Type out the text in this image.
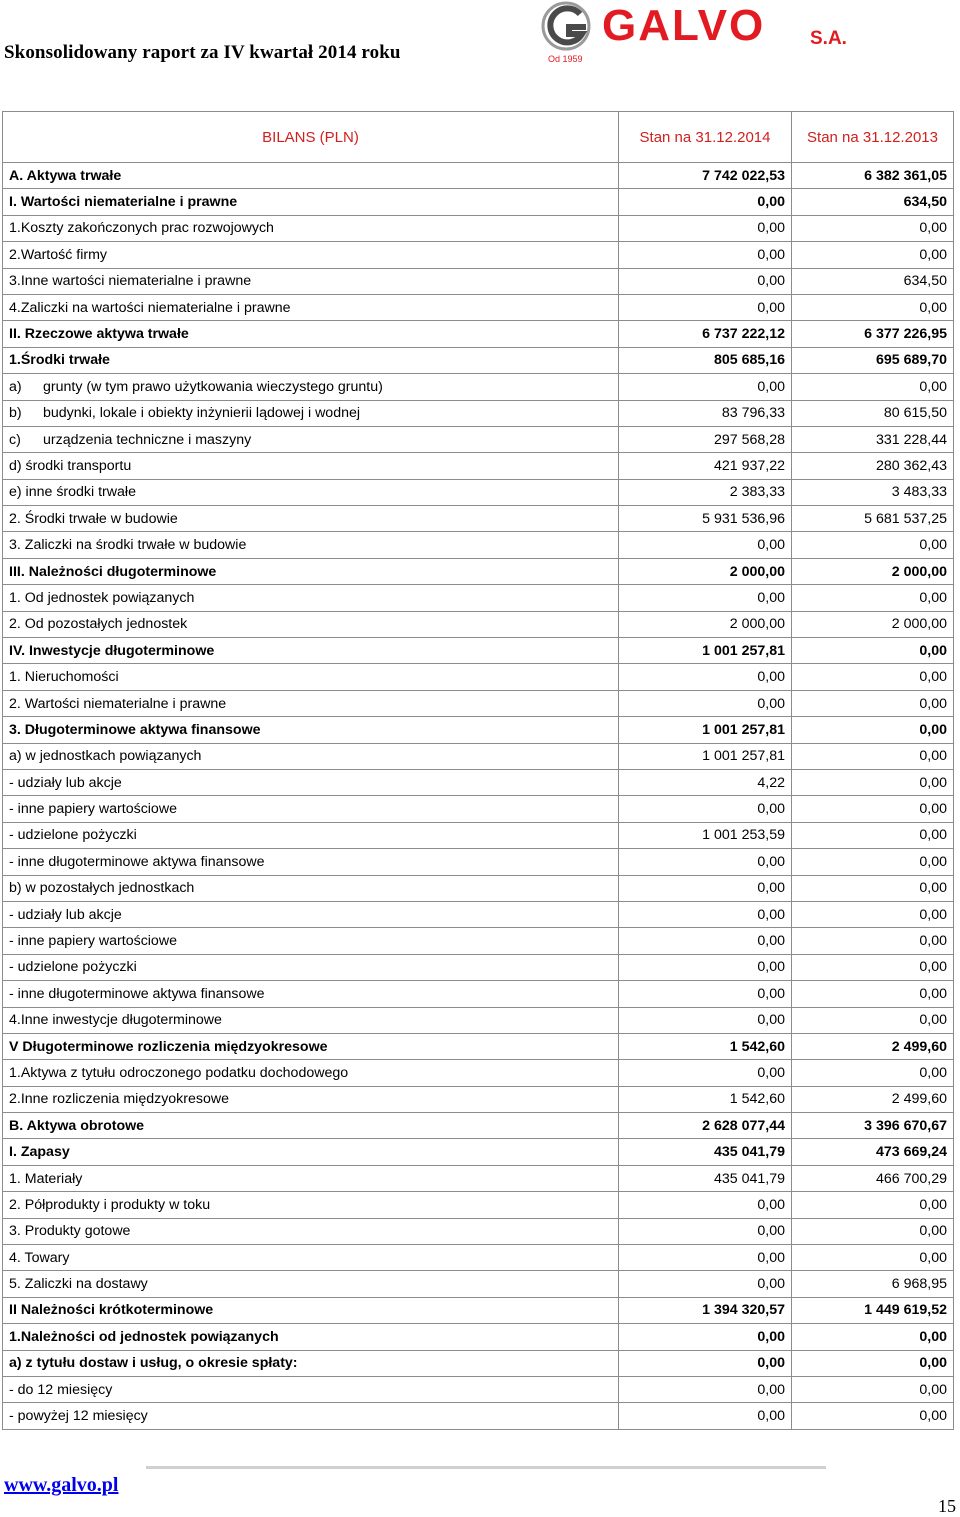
Skonsolidowany raport za IV kwartał 2014 roku
GALVO S.A.
Od 1959
BILANS (PLN)	Stan na 31.12.2014	Stan na 31.12.2013
A. Aktywa trwałe	7 742 022,53	6 382 361,05
I. Wartości niematerialne i prawne	0,00	634,50
1.Koszty zakończonych prac rozwojowych	0,00	0,00
2.Wartość firmy	0,00	0,00
3.Inne wartości niematerialne i prawne	0,00	634,50
4.Zaliczki na wartości niematerialne i prawne	0,00	0,00
II. Rzeczowe aktywa trwałe	6 737 222,12	6 377 226,95
1.Środki trwałe	805 685,16	695 689,70
a) grunty (w tym prawo użytkowania wieczystego gruntu)	0,00	0,00
b) budynki, lokale i obiekty inżynierii lądowej i wodnej	83 796,33	80 615,50
c) urządzenia techniczne i maszyny	297 568,28	331 228,44
d) środki transportu	421 937,22	280 362,43
e) inne środki trwałe	2 383,33	3 483,33
2. Środki trwałe w budowie	5 931 536,96	5 681 537,25
3. Zaliczki na środki trwałe w budowie	0,00	0,00
III. Należności długoterminowe	2 000,00	2 000,00
1. Od jednostek powiązanych	0,00	0,00
2. Od pozostałych jednostek	2 000,00	2 000,00
IV. Inwestycje długoterminowe	1 001 257,81	0,00
1. Nieruchomości	0,00	0,00
2. Wartości niematerialne i prawne	0,00	0,00
3. Długoterminowe aktywa finansowe	1 001 257,81	0,00
a) w jednostkach powiązanych	1 001 257,81	0,00
- udziały lub akcje	4,22	0,00
- inne papiery wartościowe	0,00	0,00
- udzielone pożyczki	1 001 253,59	0,00
- inne długoterminowe aktywa finansowe	0,00	0,00
b) w pozostałych jednostkach	0,00	0,00
- udziały lub akcje	0,00	0,00
- inne papiery wartościowe	0,00	0,00
- udzielone pożyczki	0,00	0,00
- inne długoterminowe aktywa finansowe	0,00	0,00
4.Inne inwestycje długoterminowe	0,00	0,00
V Długoterminowe rozliczenia międzyokresowe	1 542,60	2 499,60
1.Aktywa z tytułu odroczonego podatku dochodowego	0,00	0,00
2.Inne rozliczenia międzyokresowe	1 542,60	2 499,60
B. Aktywa obrotowe	2 628 077,44	3 396 670,67
I. Zapasy	435 041,79	473 669,24
1. Materiały	435 041,79	466 700,29
2. Półprodukty i produkty w toku	0,00	0,00
3. Produkty gotowe	0,00	0,00
4. Towary	0,00	0,00
5. Zaliczki na dostawy	0,00	6 968,95
II Należności krótkoterminowe	1 394 320,57	1 449 619,52
1.Należności od jednostek powiązanych	0,00	0,00
a) z tytułu dostaw i usług, o okresie spłaty:	0,00	0,00
- do 12 miesięcy	0,00	0,00
- powyżej 12 miesięcy	0,00	0,00
www.galvo.pl
15
